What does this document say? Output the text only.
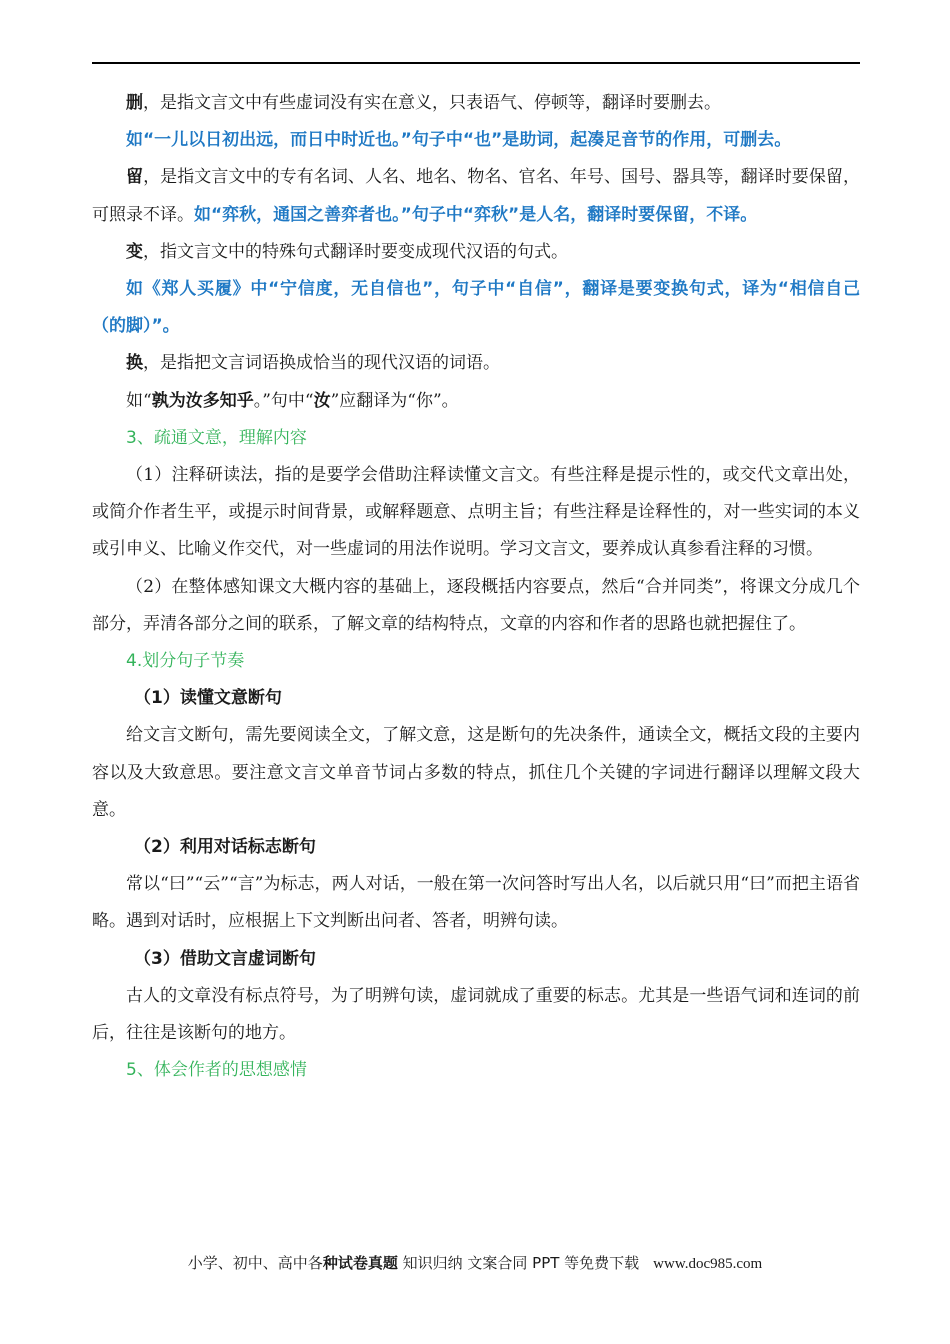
删，是指文言文中有些虚词没有实在意义，只表语气、停顿等，翻译时要删去。

如“一儿以日初出远，而日中时近也。”句子中“也”是助词，起凑足音节的作用，可删去。

留，是指文言文中的专有名词、人名、地名、物名、官名、年号、国号、器具等，翻译时要保留，可照录不译。如“弈秋，通国之善弈者也。”句子中“弈秋”是人名，翻译时要保留，不译。

变，指文言文中的特殊句式翻译时要变成现代汉语的句式。

如《郑人买履》中“宁信度，无自信也”，句子中“自信”，翻译是要变换句式，译为“相信自己（的脚）”。

换，是指把文言词语换成恰当的现代汉语的词语。

如“孰为汝多知乎。”句中“汝”应翻译为“你”。

3、疏通文意，理解内容

（1）注释研读法，指的是要学会借助注释读懂文言文。有些注释是提示性的，或交代文章出处，或简介作者生平，或提示时间背景，或解释题意、点明主旨；有些注释是诠释性的，对一些实词的本义或引申义、比喻义作交代，对一些虚词的用法作说明。学习文言文，要养成认真参看注释的习惯。

（2）在整体感知课文大概内容的基础上，逐段概括内容要点，然后“合并同类”，将课文分成几个部分，弄清各部分之间的联系，了解文章的结构特点，文章的内容和作者的思路也就把握住了。

4.划分句子节奏

（1）读懂文意断句

给文言文断句，需先要阅读全文，了解文意，这是断句的先决条件，通读全文，概括文段的主要内容以及大致意思。要注意文言文单音节词占多数的特点，抓住几个关键的字词进行翻译以理解文段大意。

（2）利用对话标志断句

常以“曰”“云”“言”为标志，两人对话，一般在第一次问答时写出人名，以后就只用“曰”而把主语省略。遇到对话时，应根据上下文判断出问者、答者，明辨句读。

（3）借助文言虚词断句

古人的文章没有标点符号，为了明辨句读，虚词就成了重要的标志。尤其是一些语气词和连词的前后，往往是该断句的地方。

5、体会作者的思想感情

小学、初中、高中各种试卷真题 知识归纳 文案合同 PPT 等免费下载 www.doc985.com
